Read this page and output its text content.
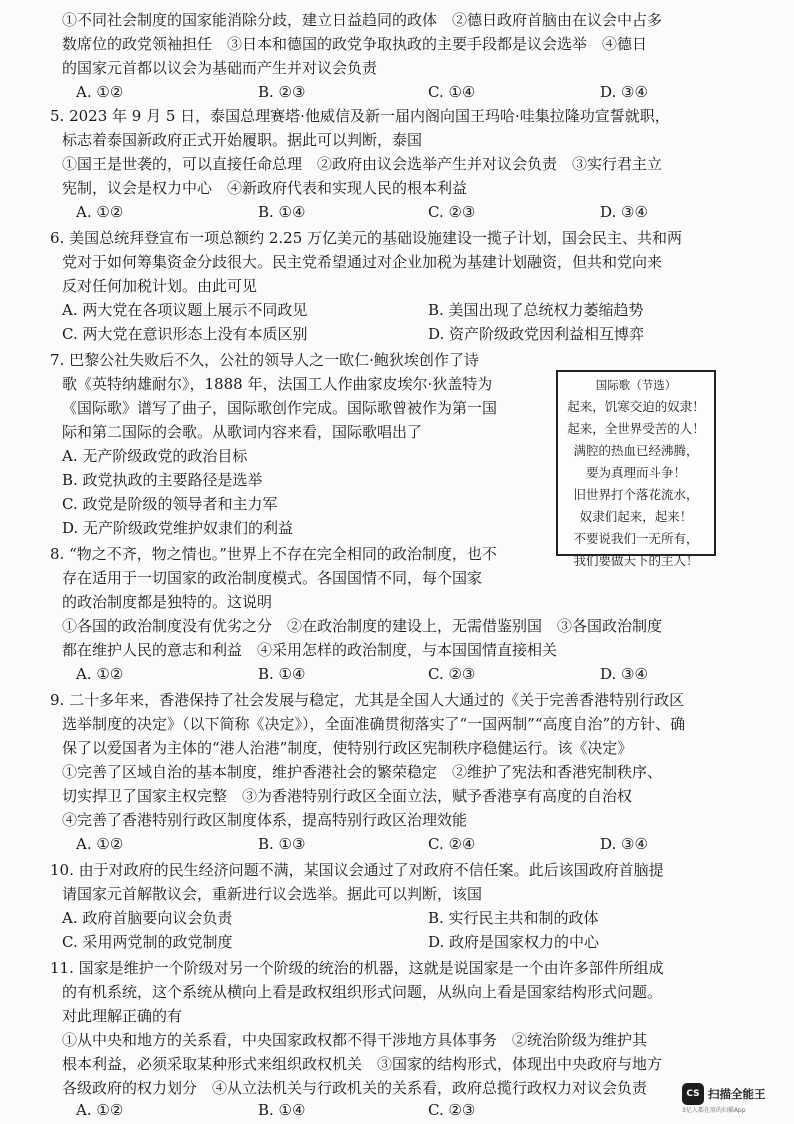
①不同社会制度的国家能消除分歧，建立日益趋同的政体　②德日政府首脑由在议会中占多
数席位的政党领袖担任　③日本和德国的政党争取执政的主要手段都是议会选举　④德日
的国家元首都以议会为基础而产生并对议会负责
A. ①②	B. ②③	C. ①④	D. ③④
5. 2023 年 9 月 5 日，泰国总理赛塔·他威信及新一届内阁向国王玛哈·哇集拉隆功宣誓就职，
标志着泰国新政府正式开始履职。据此可以判断，泰国
①国王是世袭的，可以直接任命总理　②政府由议会选举产生并对议会负责　③实行君主立
宪制，议会是权力中心　④新政府代表和实现人民的根本利益
A. ①②	B. ①④	C. ②③	D. ③④
6. 美国总统拜登宣布一项总额约 2.25 万亿美元的基础设施建设一揽子计划，国会民主、共和两
党对于如何筹集资金分歧很大。民主党希望通过对企业加税为基建计划融资，但共和党向来
反对任何加税计划。由此可见
A. 两大党在各项议题上展示不同政见	B. 美国出现了总统权力萎缩趋势
C. 两大党在意识形态上没有本质区别	D. 资产阶级政党因利益相互博弈
7. 巴黎公社失败后不久，公社的领导人之一欧仁·鲍狄埃创作了诗
歌《英特纳雄耐尔》，1888 年，法国工人作曲家皮埃尔·狄盖特为
《国际歌》谱写了曲子，国际歌创作完成。国际歌曾被作为第一国
际和第二国际的会歌。从歌词内容来看，国际歌唱出了
A. 无产阶级政党的政治目标
B. 政党执政的主要路径是选举
C. 政党是阶级的领导者和主力军
D. 无产阶级政党维护奴隶们的利益
8. “物之不齐，物之情也。”世界上不存在完全相同的政治制度，也不
存在适用于一切国家的政治制度模式。各国国情不同，每个国家
的政治制度都是独特的。这说明
①各国的政治制度没有优劣之分　②在政治制度的建设上，无需借鉴别国　③各国政治制度
都在维护人民的意志和利益　④采用怎样的政治制度，与本国国情直接相关
A. ①②	B. ①④	C. ②③	D. ③④
9. 二十多年来，香港保持了社会发展与稳定，尤其是全国人大通过的《关于完善香港特别行政区
选举制度的决定》（以下简称《决定》），全面准确贯彻落实了“一国两制”“高度自治”的方针、确
保了以爱国者为主体的“港人治港”制度，使特别行政区宪制秩序稳健运行。该《决定》
①完善了区域自治的基本制度，维护香港社会的繁荣稳定　②维护了宪法和香港宪制秩序、
切实捍卫了国家主权完整　③为香港特别行政区全面立法，赋予香港享有高度的自治权
④完善了香港特别行政区制度体系，提高特别行政区治理效能
A. ①②	B. ①③	C. ②④	D. ③④
10. 由于对政府的民生经济问题不满，某国议会通过了对政府不信任案。此后该国政府首脑提
请国家元首解散议会，重新进行议会选举。据此可以判断，该国
A. 政府首脑要向议会负责	B. 实行民主共和制的政体
C. 采用两党制的政党制度	D. 政府是国家权力的中心
11. 国家是维护一个阶级对另一个阶级的统治的机器，这就是说国家是一个由许多部件所组成
的有机系统，这个系统从横向上看是政权组织形式问题，从纵向上看是国家结构形式问题。
对此理解正确的有
①从中央和地方的关系看，中央国家政权都不得干涉地方具体事务　②统治阶级为维护其
根本利益，必须采取某种形式来组织政权机关　③国家的结构形式，体现出中央政府与地方
各级政府的权力划分　④从立法机关与行政机关的关系看，政府总揽行政权力对议会负责
A. ①②	B. ①④	C. ②③
国际歌（节选）
起来，饥寒交迫的奴隶！
起来，全世界受苦的人！
满腔的热血已经沸腾，
要为真理而斗争！
旧世界打个落花流水，
奴隶们起来，起来！
不要说我们一无所有，
我们要做天下的主人！
CS 扫描全能王
3亿人都在用的扫描App
